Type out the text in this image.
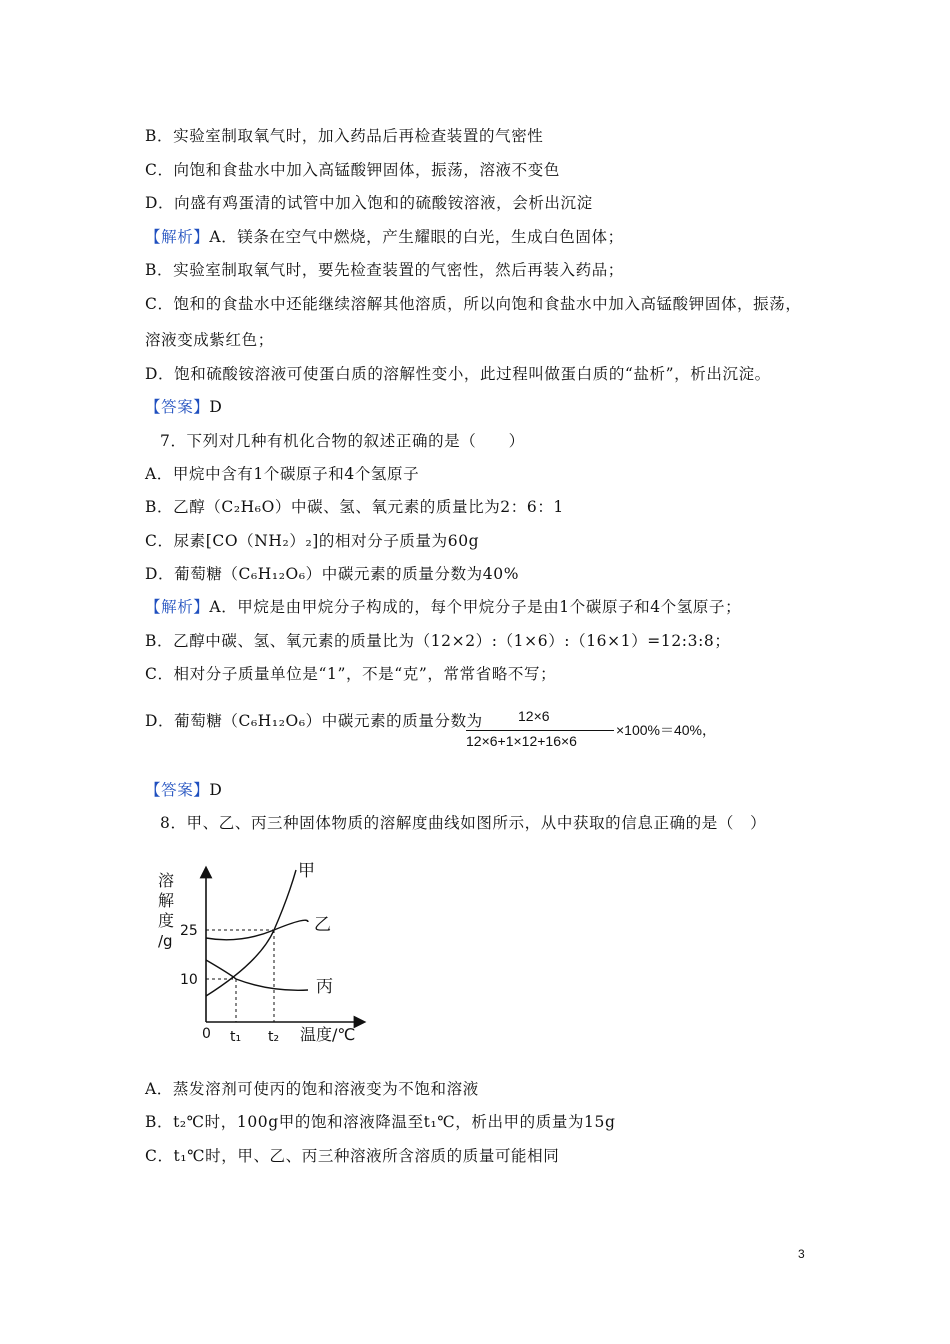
B．实验室制取氧气时，加入药品后再检查装置的气密性
C．向饱和食盐水中加入高锰酸钾固体，振荡，溶液不变色
D．向盛有鸡蛋清的试管中加入饱和的硫酸铵溶液，会析出沉淀
【解析】A．镁条在空气中燃烧，产生耀眼的白光，生成白色固体；
B．实验室制取氧气时，要先检查装置的气密性，然后再装入药品；
C．饱和的食盐水中还能继续溶解其他溶质，所以向饱和食盐水中加入高锰酸钾固体，振荡，
溶液变成紫红色；
D．饱和硫酸铵溶液可使蛋白质的溶解性变小，此过程叫做蛋白质的“盐析”，析出沉淀。
【答案】D
7．下列对几种有机化合物的叙述正确的是（　　）
A．甲烷中含有1个碳原子和4个氢原子
B．乙醇（C₂H₆O）中碳、氢、氧元素的质量比为2：6：1
C．尿素[CO（NH₂）₂]的相对分子质量为60g
D．葡萄糖（C₆H₁₂O₆）中碳元素的质量分数为40%
【解析】A．甲烷是由甲烷分子构成的，每个甲烷分子是由1个碳原子和4个氢原子；
B．乙醇中碳、氢、氧元素的质量比为（12×2）:（1×6）:（16×1）=12:3:8；
C．相对分子质量单位是“1”，不是“克”，常常省略不写；
D．葡萄糖（C₆H₁₂O₆）中碳元素的质量分数为	12×6
12×6+1×12+16×6
×100%＝40%，
【答案】D
8．甲、乙、丙三种固体物质的溶解度曲线如图所示，从中获取的信息正确的是（　）
溶
解
度
/g
25
10
0 t₁ t₂ 温度/℃
甲
乙
丙
A．蒸发溶剂可使丙的饱和溶液变为不饱和溶液
B．t₂℃时，100g甲的饱和溶液降温至t₁℃，析出甲的质量为15g
C．t₁℃时，甲、乙、丙三种溶液所含溶质的质量可能相同
3
